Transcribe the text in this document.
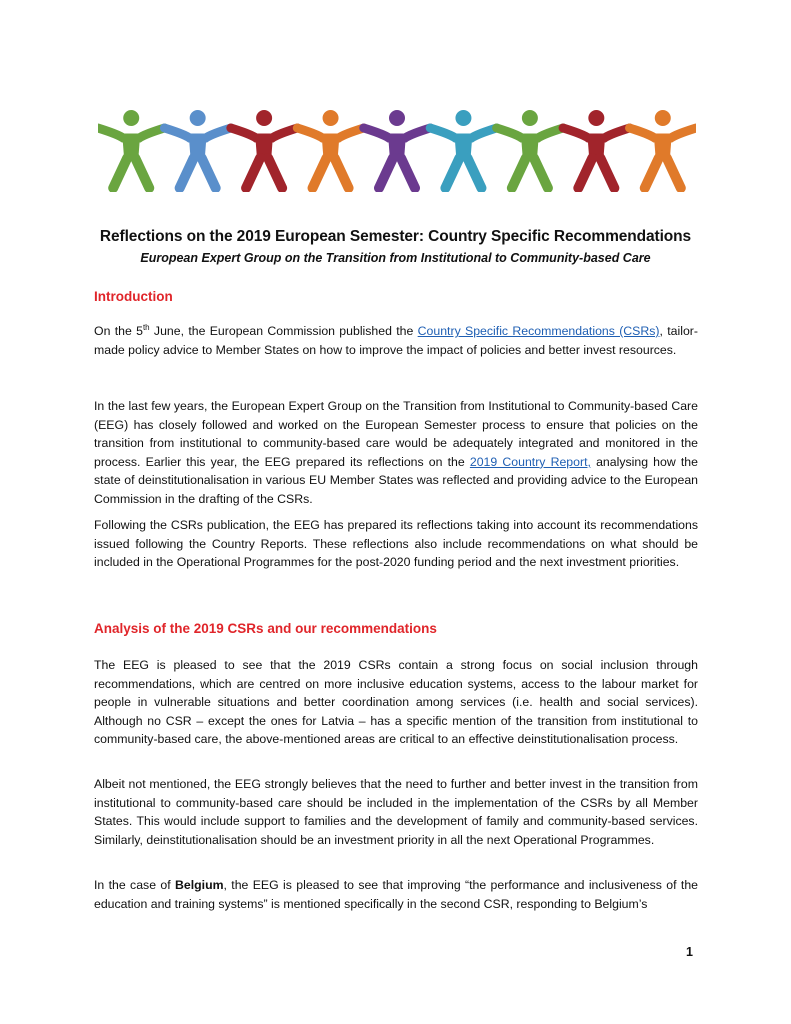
Reflections on the 2019 European Semester: Country Specific Recommendations
European Expert Group on the Transition from Institutional to Community-based Care
Introduction

On the 5th June, the European Commission published the Country Specific Recommendations (CSRs), tailor-made policy advice to Member States on how to improve the impact of policies and better invest resources.

In the last few years, the European Expert Group on the Transition from Institutional to Community-based Care (EEG) has closely followed and worked on the European Semester process to ensure that policies on the transition from institutional to community-based care would be adequately integrated and monitored in the process. Earlier this year, the EEG prepared its reflections on the 2019 Country Report, analysing how the state of deinstitutionalisation in various EU Member States was reflected and providing advice to the European Commission in the drafting of the CSRs.

Following the CSRs publication, the EEG has prepared its reflections taking into account its recommendations issued following the Country Reports. These reflections also include recommendations on what should be included in the Operational Programmes for the post-2020 funding period and the next investment priorities.

Analysis of the 2019 CSRs and our recommendations

The EEG is pleased to see that the 2019 CSRs contain a strong focus on social inclusion through recommendations, which are centred on more inclusive education systems, access to the labour market for people in vulnerable situations and better coordination among services (i.e. health and social services). Although no CSR – except the ones for Latvia – has a specific mention of the transition from institutional to community-based care, the above-mentioned areas are critical to an effective deinstitutionalisation process.

Albeit not mentioned, the EEG strongly believes that the need to further and better invest in the transition from institutional to community-based care should be included in the implementation of the CSRs by all Member States. This would include support to families and the development of family and community-based services. Similarly, deinstitutionalisation should be an investment priority in all the next Operational Programmes.

In the case of Belgium, the EEG is pleased to see that improving “the performance and inclusiveness of the education and training systems” is mentioned specifically in the second CSR, responding to Belgium’s

1
